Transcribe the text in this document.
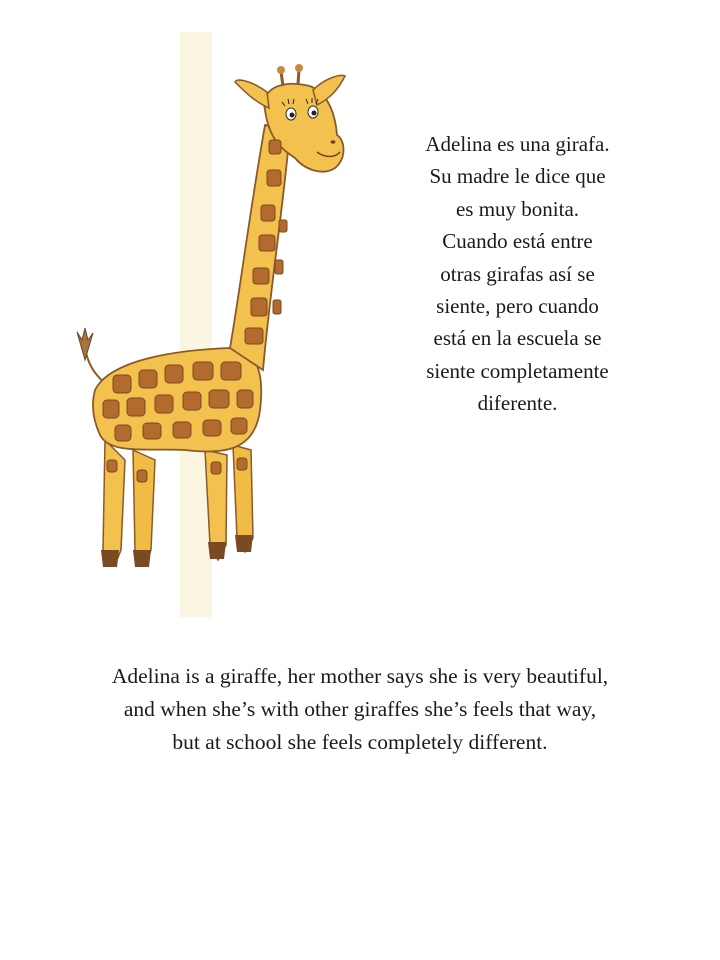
Adelina es una girafa.
Su madre le dice que
es muy bonita.
Cuando está entre
otras girafas así se
siente, pero cuando
está en la escuela se
siente completamente
diferente.
Adelina is a giraffe, her mother says she is very beautiful,
and when she’s with other giraffes she’s feels that way,
but at school she feels completely different.
